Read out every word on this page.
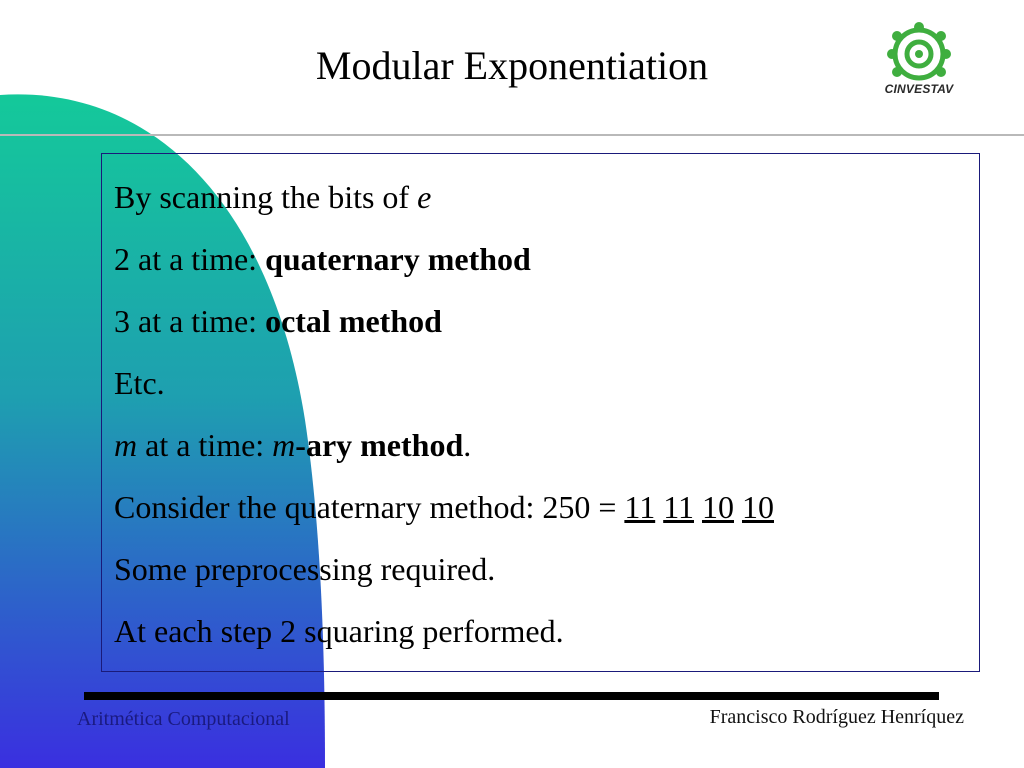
Modular Exponentiation
CINVESTAV
By scanning the bits of e
2 at a time: quaternary method
3 at a time: octal method
Etc.
m at a time: m-ary method.
Consider the quaternary method: 250 = 11 11 10 10
Some preprocessing required.
At each step 2 squaring performed.
Aritmética Computacional	Francisco Rodríguez Henríquez
